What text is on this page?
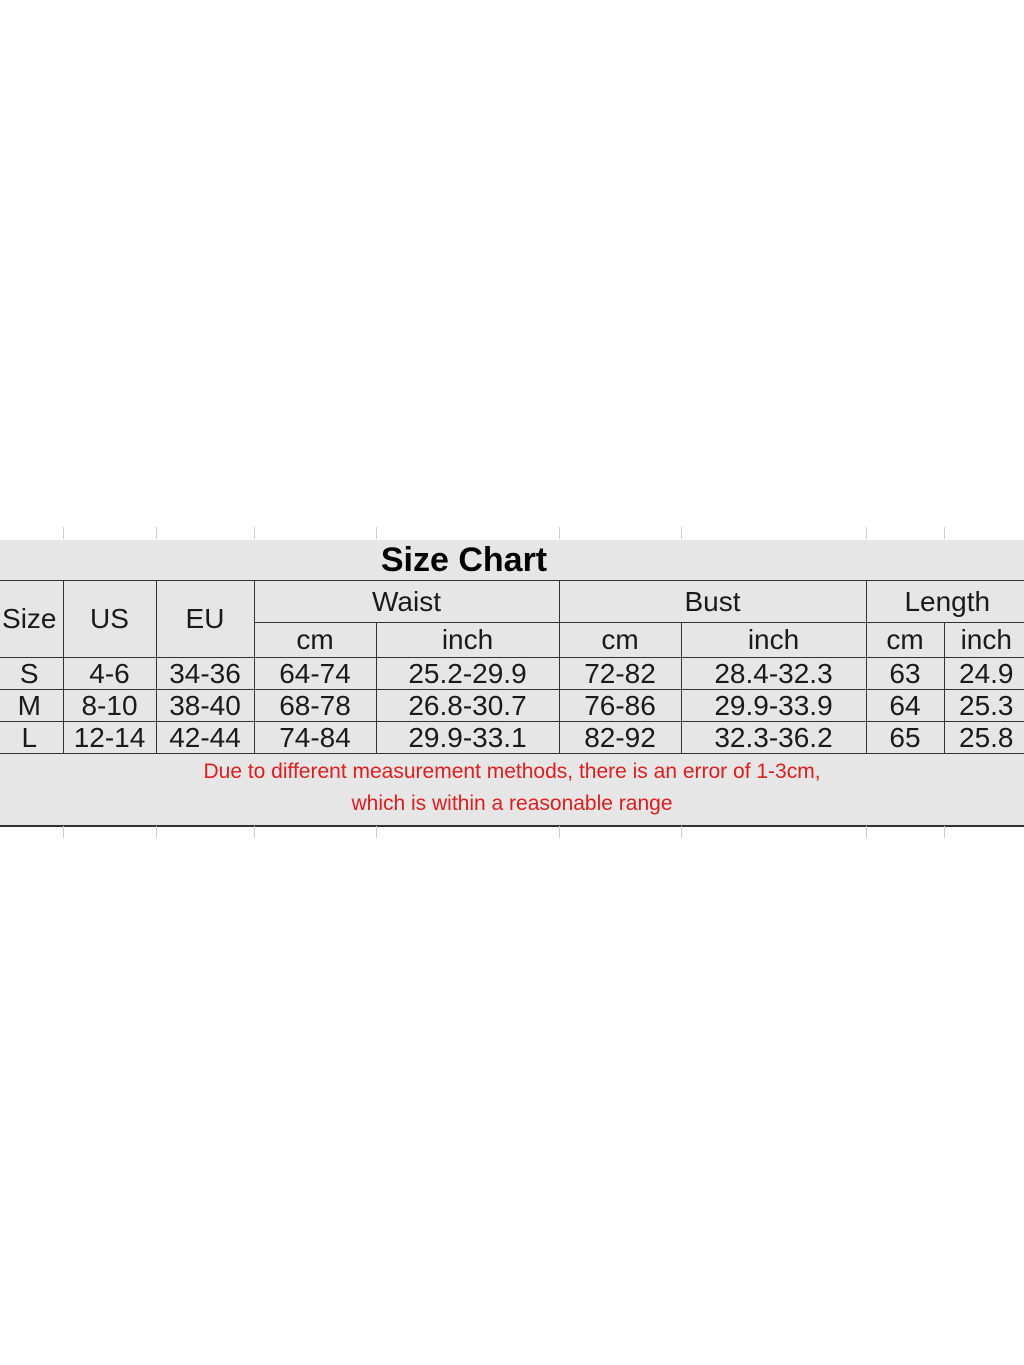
Size Chart
Size	US	EU	Waist		Bust		Length	
			cm	inch	cm	inch	cm	inch
S	4-6	34-36	64-74	25.2-29.9	72-82	28.4-32.3	63	24.9
M	8-10	38-40	68-78	26.8-30.7	76-86	29.9-33.9	64	25.3
L	12-14	42-44	74-84	29.9-33.1	82-92	32.3-36.2	65	25.8

Due to different measurement methods, there is an error of 1-3cm,
which is within a reasonable range								
